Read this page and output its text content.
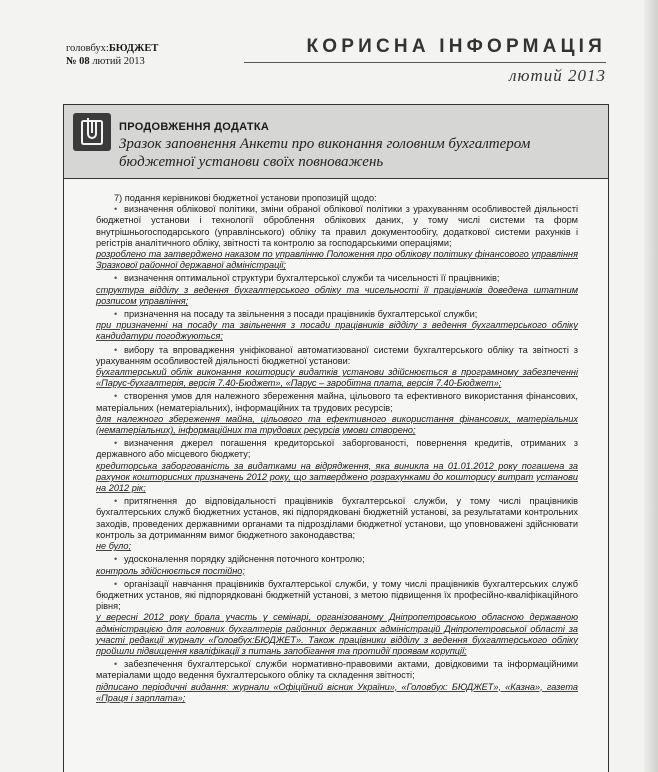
головбух:БЮДЖЕТ
№ 08 лютий 2013
КОРИСНА ІНФОРМАЦІЯ
лютий 2013
ПРОДОВЖЕННЯ ДОДАТКА
Зразок заповнення Анкети про виконання головним бухгалтером бюджетної установи своїх повноважень

7) подання керівникові бюджетної установи пропозицій щодо:

• визначення облікової політики, зміни обраної облікової політики з урахуванням особливостей діяльності бюджетної установи і технології оброблення облікових даних, у тому числі системи та форм внутрішньогосподарського (управлінського) обліку та правил документообігу, додаткової системи рахунків і регістрів аналітичного обліку, звітності та контролю за господарськими операціями;

розроблено та затверджено наказом по управлінню Положення про облікову політику фінансового управління Зразкової районної державної адміністрації;

• визначення оптимальної структури бухгалтерської служби та чисельності її працівників;

структура відділу з ведення бухгалтерського обліку та чисельності її працівників доведена штатним розписом управління;

• призначення на посаду та звільнення з посади працівників бухгалтерської служби;

при призначенні на посаду та звільнення з посади працівників відділу з ведення бухгалтерського обліку кандидатури погоджуються;

• вибору та впровадження уніфікованої автоматизованої системи бухгалтерського обліку та звітності з урахуванням особливостей діяльності бюджетної установи:

бухгалтерський облік виконання кошторису видатків установи здійснюється в програмному забезпеченні «Парус-бухгалтерія, версія 7.40-Бюджет», «Парус – заробітна плата, версія 7.40-Бюджет»;

• створення умов для належного збереження майна, цільового та ефективного використання фінансових, матеріальних (нематеріальних), інформаційних та трудових ресурсів;

для належного збереження майна, цільового та ефективного використання фінансових, матеріальних (нематеріальних), інформаційних та трудових ресурсів умови створено;

• визначення джерел погашення кредиторської заборгованості, повернення кредитів, отриманих з державного або місцевого бюджету;

кредиторська заборгованість за видатками на відрядження, яка виникла на 01.01.2012 року погашена за рахунок кошторисних призначень 2012 року, що затверджено розрахунками до кошторису витрат установи на 2012 рік;

• притягнення до відповідальності працівників бухгалтерської служби, у тому числі працівників бухгалтерських служб бюджетних установ, які підпорядковані бюджетній установі, за результатами контрольних заходів, проведених державними органами та підрозділами бюджетної установи, що уповноважені здійснювати контроль за дотриманням вимог бюджетного законодавства;

не було;

• удосконалення порядку здійснення поточного контролю;

контроль здійснюється постійно;

• організації навчання працівників бухгалтерської служби, у тому числі працівників бухгалтерських служб бюджетних установ, які підпорядковані бюджетній установі, з метою підвищення їх професійно-кваліфікаційного рівня;

у вересні 2012 року брала участь у семінарі, організованому Дніпропетровською обласною державною адміністрацією для головних бухгалтерів районних державних адміністрацій Дніпропетровської області за участі редакції журналу «Головбух:БЮДЖЕТ». Також працівники відділу з ведення бухгалтерського обліку пройшли підвищення кваліфікації з питань запобігання та протидії проявам корупції;

• забезпечення бухгалтерської служби нормативно-правовими актами, довідковими та інформаційними матеріалами щодо ведення бухгалтерського обліку та складення звітності;

підписано періодичні видання: журнали «Офіційний вісник України», «Головбух: БЮДЖЕТ», «Казна», газета «Праця і зарплата»;
